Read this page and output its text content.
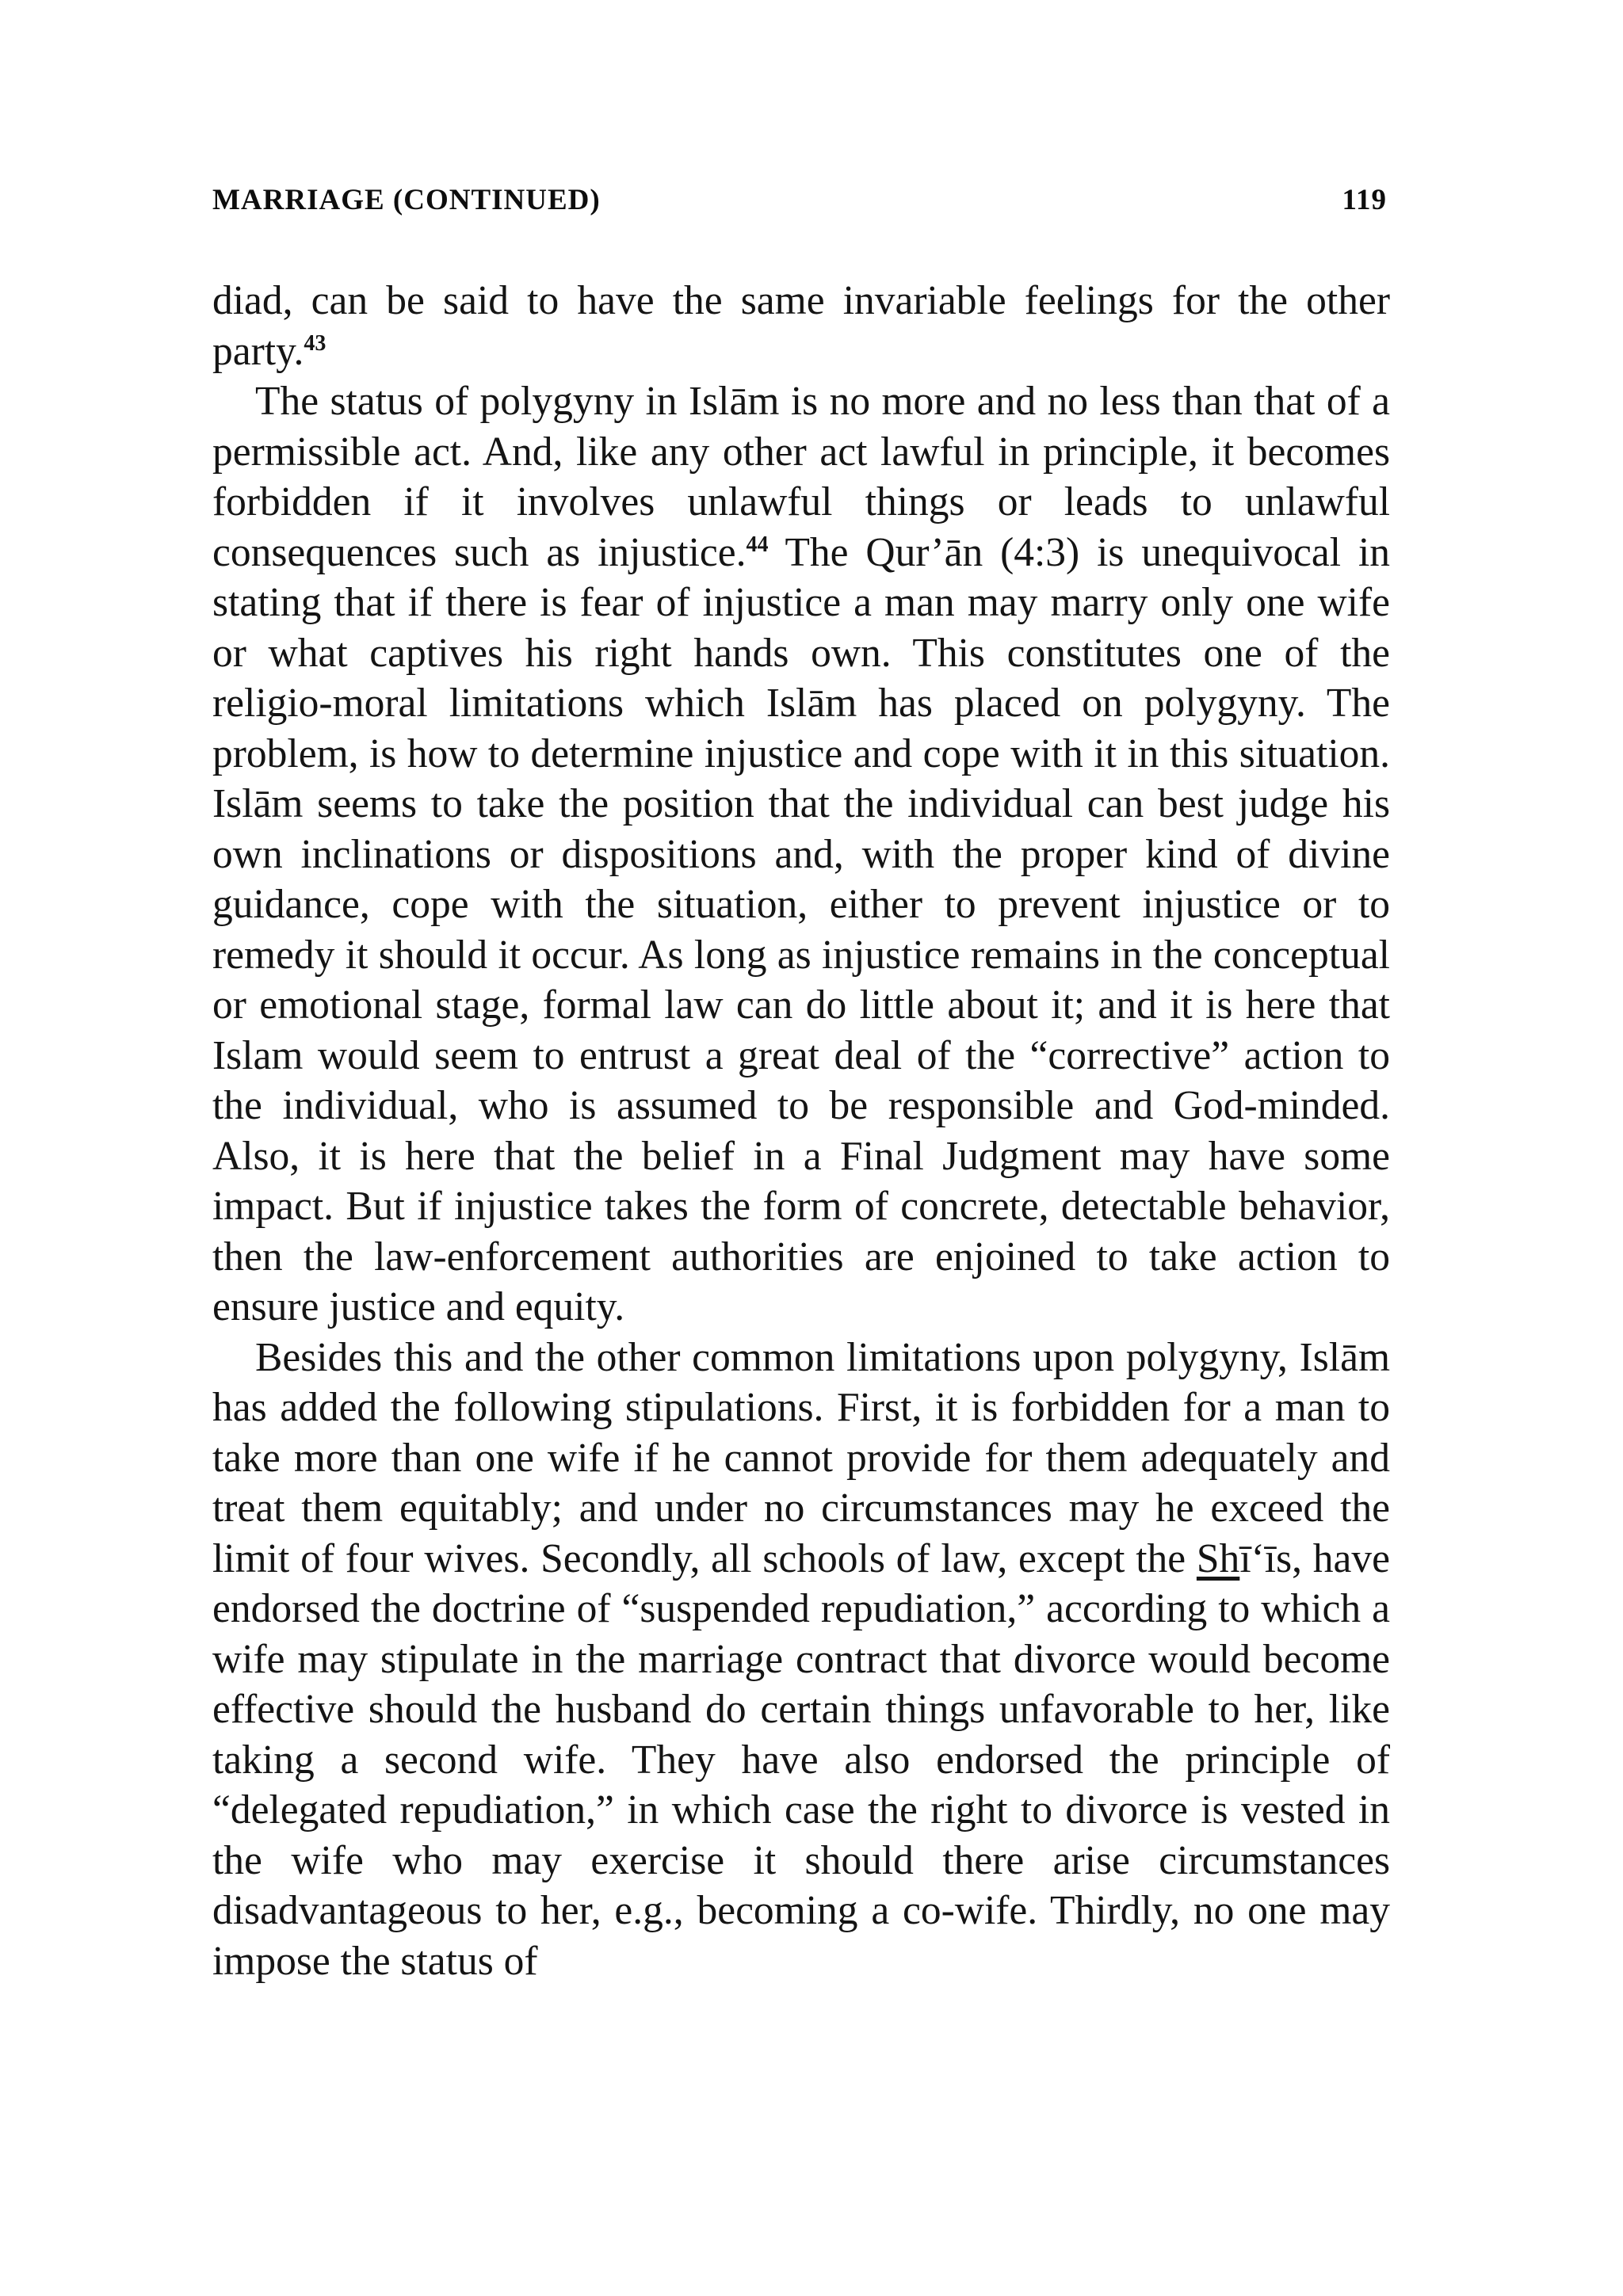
MARRIAGE (CONTINUED)	119

diad, can be said to have the same invariable feelings for the other party.$^{43}$

The status of polygyny in Islām is no more and no less than that of a permissible act. And, like any other act lawful in principle, it becomes forbidden if it involves unlawful things or leads to unlawful consequences such as injustice.$^{44}$ The Qur’ān (4:3) is unequivocal in stating that if there is fear of injustice a man may marry only one wife or what captives his right hands own. This constitutes one of the religio-moral limitations which Islām has placed on polygyny. The problem, is how to determine injustice and cope with it in this situation. Islām seems to take the position that the individual can best judge his own inclinations or dispositions and, with the proper kind of divine guidance, cope with the situation, either to prevent injustice or to remedy it should it occur. As long as injustice remains in the conceptual or emotional stage, formal law can do little about it; and it is here that Islam would seem to entrust a great deal of the “corrective” action to the individual, who is assumed to be responsible and God-minded. Also, it is here that the belief in a Final Judgment may have some impact. But if injustice takes the form of concrete, detectable behavior, then the law-enforcement authorities are enjoined to take action to ensure justice and equity.

Besides this and the other common limitations upon polygyny, Islām has added the following stipulations. First, it is forbidden for a man to take more than one wife if he cannot provide for them adequately and treat them equitably; and under no circumstances may he exceed the limit of four wives. Secondly, all schools of law, except the Shī‘īs, have endorsed the doctrine of “suspended repudiation,” according to which a wife may stipulate in the marriage contract that divorce would become effective should the husband do certain things unfavorable to her, like taking a second wife. They have also endorsed the principle of “delegated repudiation,” in which case the right to divorce is vested in the wife who may exercise it should there arise circumstances disadvantageous to her, e.g., becoming a co-wife. Thirdly, no one may impose the status of
